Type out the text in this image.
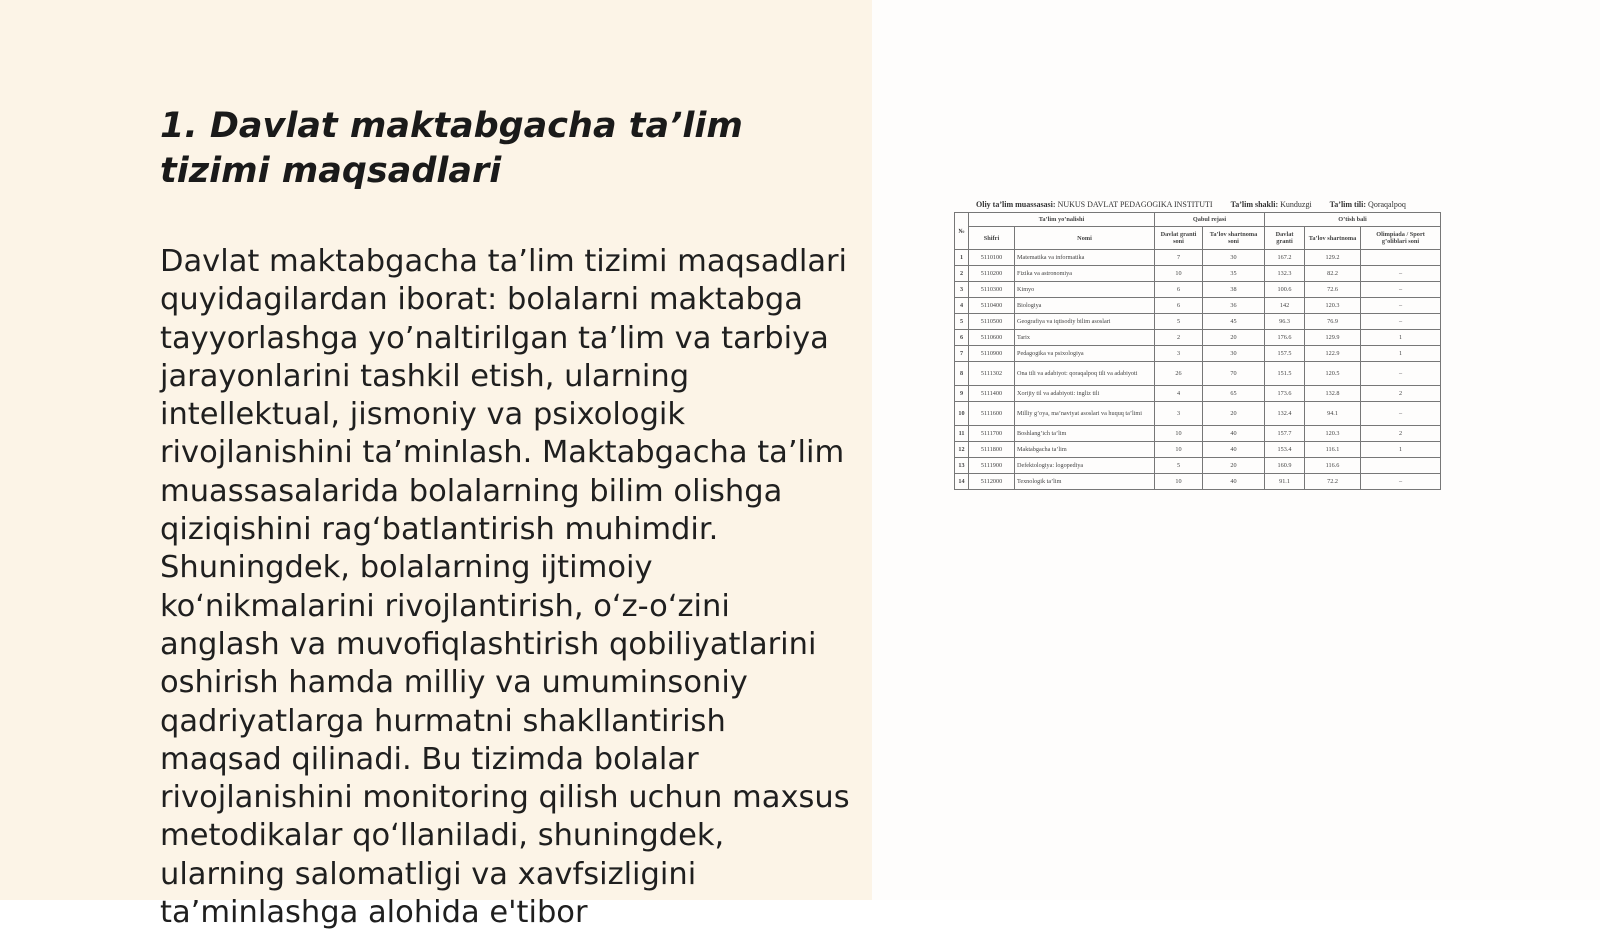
1. Davlat maktabgacha ta’lim tizimi maqsadlari

Davlat maktabgacha ta’lim tizimi maqsadlari quyidagilardan iborat: bolalarni maktabga tayyorlashga yo’naltirilgan ta’lim va tarbiya jarayonlarini tashkil etish, ularning intellektual, jismoniy va psixologik rivojlanishini ta’minlash. Maktabgacha ta’lim muassasalarida bolalarning bilim olishga qiziqishini rag‘batlantirish muhimdir. Shuningdek, bolalarning ijtimoiy ko‘nikmalarini rivojlantirish, o‘z-o‘zini anglash va muvofiqlashtirish qobiliyatlarini oshirish hamda milliy va umuminsoniy qadriyatlarga hurmatni shakllantirish maqsad qilinadi. Bu tizimda bolalar rivojlanishini monitoring qilish uchun maxsus metodikalar qo‘llaniladi, shuningdek, ularning salomatligi va xavfsizligini ta’minlashga alohida e'tibor

Oliy ta’lim muassasasi: NUKUS DAVLAT PEDAGOGIKA INSTITUTI Ta’lim shakli: Kunduzgi Ta’lim tili: Qoraqalpoq
№	Ta’lim yo’nalishi		Qabul rejasi		O’tish bali		
	Shifri	Nomi	Davlat granti soni	Ta’lov shartnoma soni	Davlat granti	Ta’lov shartnoma	Olimpiada / Sport g’oliblari soni
1	5110100	Matematika va informatika	7	30	167.2	129.2	
2	5110200	Fizika va astronomiya	10	35	132.3	82.2	–
3	5110300	Kimyo	6	38	100.6	72.6	–
4	5110400	Biologiya	6	36	142	120.3	–
5	5110500	Geografiya va iqtisodiy bilim asoslari	5	45	96.3	76.9	–
6	5110600	Tarix	2	20	176.6	129.9	1
7	5110900	Pedagogika va psixologiya	3	30	157.5	122.9	1
8	5111302	Ona tili va adabiyot: qoraqalpoq tili va adabiyoti	26	70	151.5	120.5	–
9	5111400	Xorijiy til va adabiyoti: ingliz tili	4	65	173.6	132.8	2
10	5111600	Milliy g’oya, ma’naviyat asoslari va huquq ta’limi	3	20	132.4	94.1	–
11	5111700	Boshlang’ich ta’lim	10	40	157.7	120.3	2
12	5111800	Maktabgacha ta’lim	10	40	153.4	116.1	1
13	5111900	Defektologiya: logopediya	5	20	160.9	116.6	
14	5112000	Texnologik ta’lim	10	40	91.1	72.2	–
